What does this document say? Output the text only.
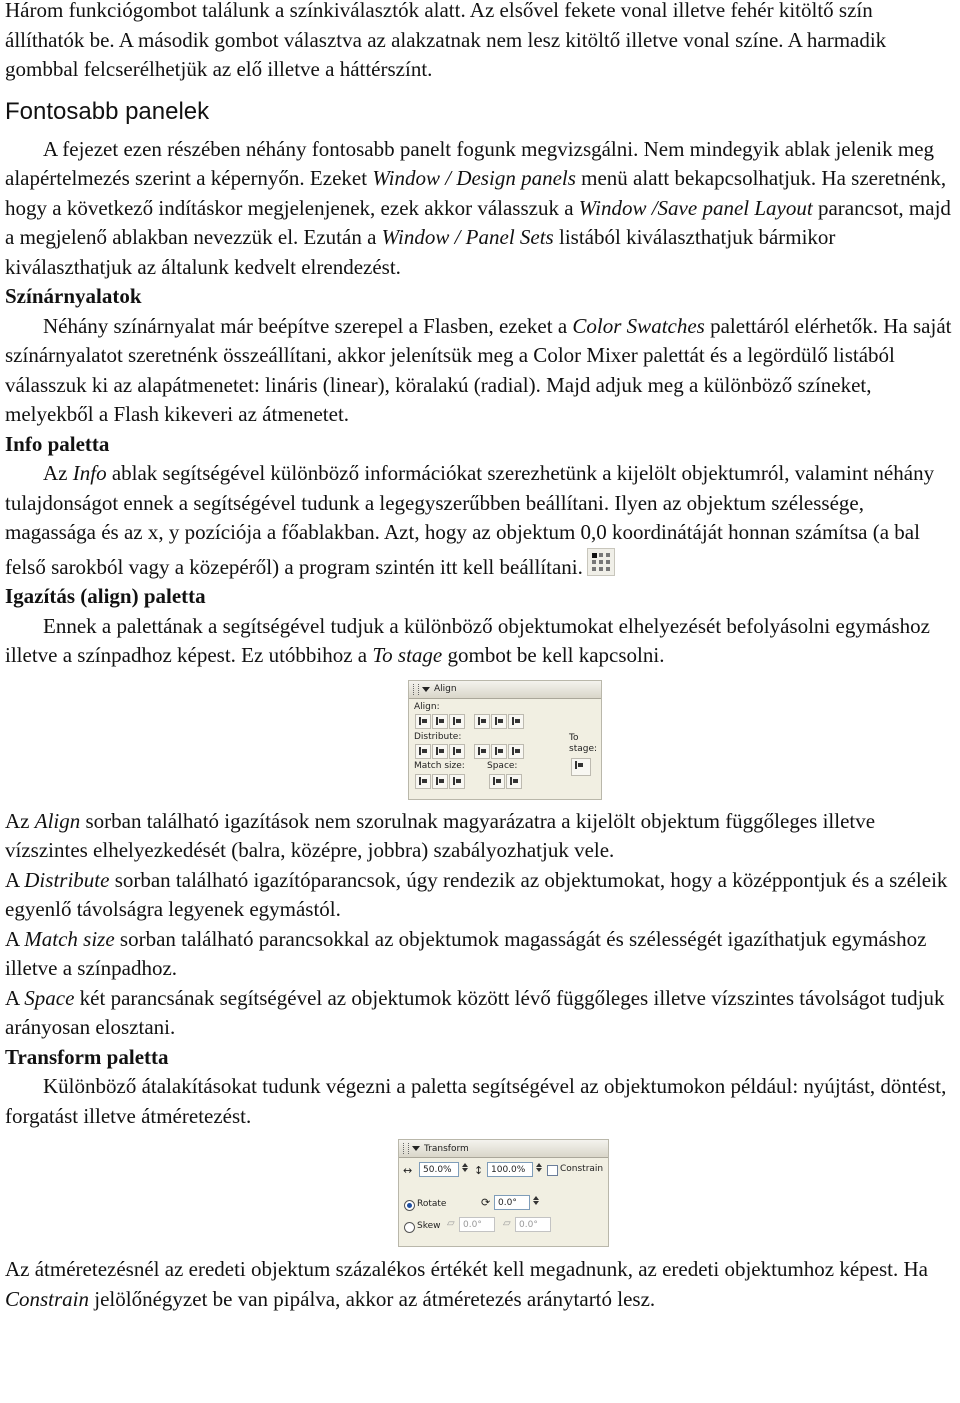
Három funkciógombot találunk a színkiválasztók alatt. Az elsővel fekete vonal illetve fehér kitöltő szín állíthatók be. A második gombot választva az alakzatnak nem lesz kitöltő illetve vonal színe. A harmadik gombbal felcserélhetjük az elő illetve a háttérszínt.

Fontosabb panelek

A fejezet ezen részében néhány fontosabb panelt fogunk megvizsgálni. Nem mindegyik ablak jelenik meg alapértelmezés szerint a képernyőn. Ezeket Window / Design panels menü alatt bekapcsolhatjuk. Ha szeretnénk, hogy a következő indításkor megjelenjenek, ezek akkor válasszuk a Window /Save panel Layout parancsot, majd a megjelenő ablakban nevezzük el. Ezután a Window / Panel Sets listából kiválaszthatjuk bármikor kiválaszthatjuk az általunk kedvelt elrendezést.

Színárnyalatok

Néhány színárnyalat már beépítve szerepel a Flasben, ezeket a Color Swatches palettáról elérhetők. Ha saját színárnyalatot szeretnénk összeállítani, akkor jelenítsük meg a Color Mixer palettát és a legördülő listából válasszuk ki az alapátmenetet: lináris (linear), köralakú (radial). Majd adjuk meg a különböző színeket, melyekből a Flash kikeveri az átmenetet.

Info paletta

Az Info ablak segítségével különböző információkat szerezhetünk a kijelölt objektumról, valamint néhány tulajdonságot ennek a segítségével tudunk a legegyszerűbben beállítani. Ilyen az objektum szélessége, magassága és az x, y pozíciója a főablakban. Azt, hogy az objektum 0,0 koordinátáját honnan számítsa (a bal felső sarokból vagy a közepéről) a program szintén itt kell beállítani.

Igazítás (align) paletta

Ennek a palettának a segítségével tudjuk a különböző objektumokat elhelyezését befolyásolni egymáshoz illetve a színpadhoz képest. Ez utóbbihoz a To stage gombot be kell kapcsolni.

Align
Align:
Distribute:
Match size: Space:
To
stage:

Az Align sorban található igazítások nem szorulnak magyarázatra a kijelölt objektum függőleges illetve vízszintes elhelyezkedését (balra, középre, jobbra) szabályozhatjuk vele.

A Distribute sorban található igazítóparancsok, úgy rendezik az objektumokat, hogy a középpontjuk és a széleik egyenlő távolságra legyenek egymástól.

A Match size sorban található parancsokkal az objektumok magasságát és szélességét igazíthatjuk egymáshoz illetve a színpadhoz.

A Space két parancsának segítségével az objektumok között lévő függőleges illetve vízszintes távolságot tudjuk arányosan elosztani.

Transform paletta

Különböző átalakításokat tudunk végezni a paletta segítségével az objektumokon például: nyújtást, döntést, forgatást illetve átméretezést.

Transform
↔	50.0%	↕ 100.0%	Constrain
Rotate	⟳ 0.0°
Skew ▱ 0.0°	▱ 0.0°

Az átméretezésnél az eredeti objektum százalékos értékét kell megadnunk, az eredeti objektumhoz képest. Ha Constrain jelölőnégyzet be van pipálva, akkor az átméretezés aránytartó lesz.
